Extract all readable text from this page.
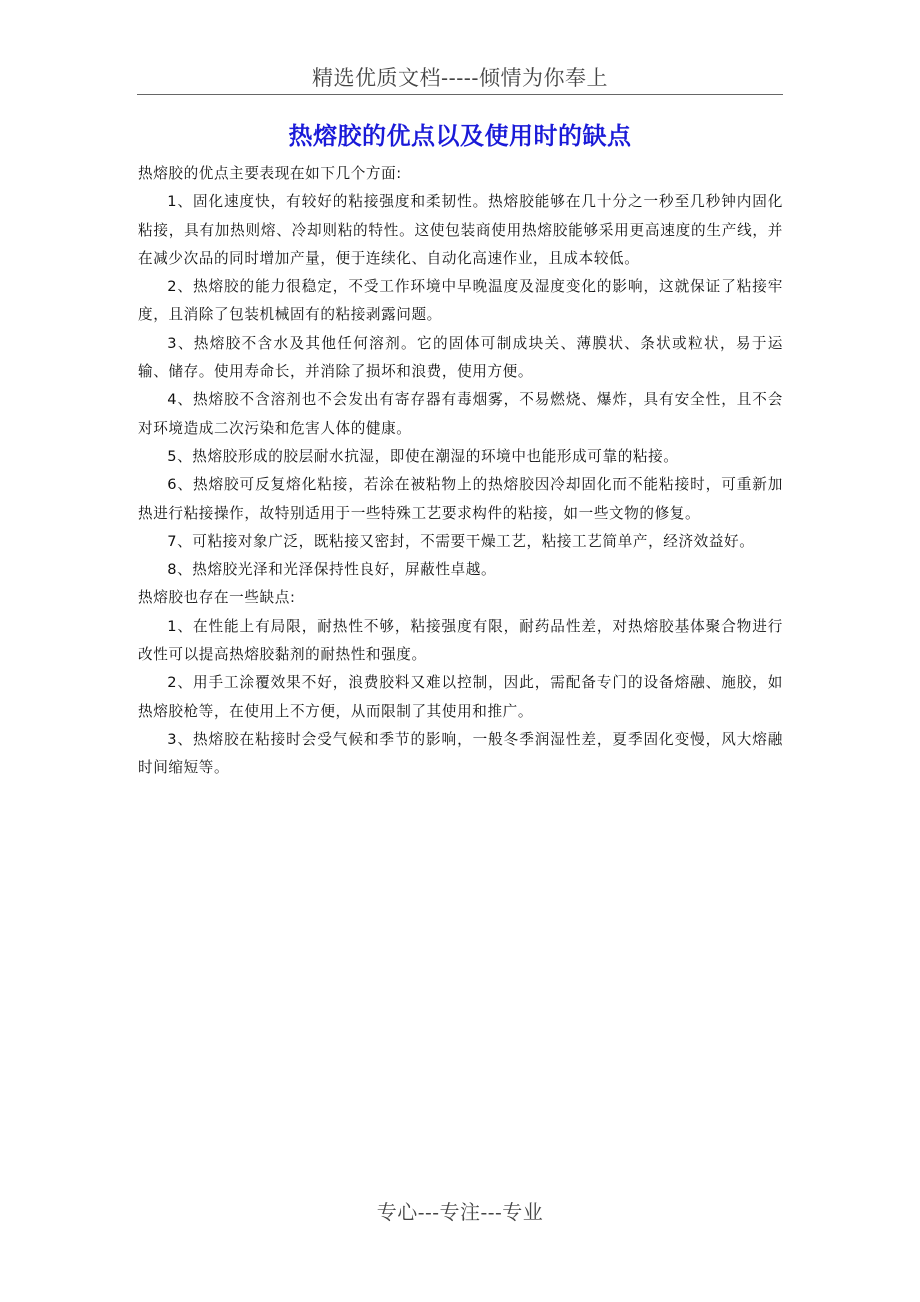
精选优质文档-----倾情为你奉上
热熔胶的优点以及使用时的缺点

热熔胶的优点主要表现在如下几个方面:

1、固化速度快，有较好的粘接强度和柔韧性。热熔胶能够在几十分之一秒至几秒钟内固化粘接，具有加热则熔、冷却则粘的特性。这使包装商使用热熔胶能够采用更高速度的生产线，并在减少次品的同时增加产量，便于连续化、自动化高速作业，且成本较低。

2、热熔胶的能力很稳定，不受工作环境中早晚温度及湿度变化的影响，这就保证了粘接牢度，且消除了包装机械固有的粘接剥露问题。

3、热熔胶不含水及其他任何溶剂。它的固体可制成块关、薄膜状、条状或粒状，易于运输、储存。使用寿命长，并消除了损坏和浪费，使用方便。

4、热熔胶不含溶剂也不会发出有寄存器有毒烟雾，不易燃烧、爆炸，具有安全性，且不会对环境造成二次污染和危害人体的健康。

5、热熔胶形成的胶层耐水抗湿，即使在潮湿的环境中也能形成可靠的粘接。

6、热熔胶可反复熔化粘接，若涂在被粘物上的热熔胶因冷却固化而不能粘接时，可重新加热进行粘接操作，故特别适用于一些特殊工艺要求构件的粘接，如一些文物的修复。

7、可粘接对象广泛，既粘接又密封，不需要干燥工艺，粘接工艺简单产，经济效益好。

8、热熔胶光泽和光泽保持性良好，屏蔽性卓越。

热熔胶也存在一些缺点:

1、在性能上有局限，耐热性不够，粘接强度有限，耐药品性差，对热熔胶基体聚合物进行改性可以提高热熔胶黏剂的耐热性和强度。

2、用手工涂覆效果不好，浪费胶料又难以控制，因此，需配备专门的设备熔融、施胶，如热熔胶枪等，在使用上不方便，从而限制了其使用和推广。

3、热熔胶在粘接时会受气候和季节的影响，一般冬季润湿性差，夏季固化变慢，风大熔融时间缩短等。

专心---专注---专业
